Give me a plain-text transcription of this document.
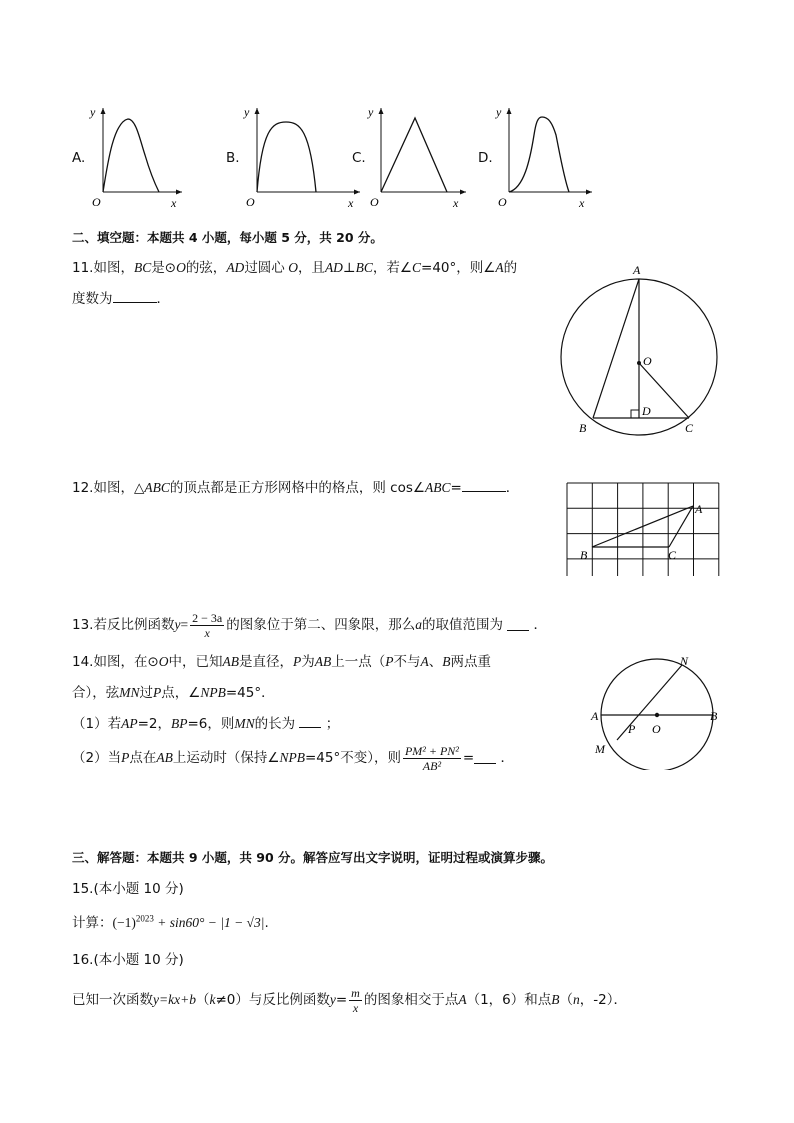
y
O	x
A.
y
O	x
B.
y
O	x
C.
y
O	x
D.
二、填空题：本题共 4 小题，每小题 5 分，共 20 分。
11.如图，BC是⊙O的弦，AD过圆心 O，且AD⊥BC，若∠C=40°，则∠A的
度数为	．
A
O
D
B	C
12.如图，△ABC的顶点都是正方形网格中的格点，则 cos∠ABC=	．
A
B	C
13. 若反比例函数 $y = \frac{2 - 3a}{x}$ 的图象位于第二、四象限，那么 a 的取值范围为

．
14.如图，在⊙O中，已知AB是直径，P为AB上一点（P不与A、B两点重
合），弦MN过P点，∠NPB=45°．
（1）若AP=2，BP=6，则MN的长为 ；
（2）当 P 点在 AB 上运动时（保持∠ NPB =45°不变），则 $\frac{\text{PM² + PN²}}{\text{AB²}}$ =
．
N
A	B
P O
M
三、解答题：本题共 9 小题，共 90 分。解答应写出文字说明，证明过程或演算步骤。
15.(本小题 10 分)
计算：$(-1)^{2023} + \sin 60^\circ - |1 - √3|$.
16.(本小题 10 分)
已知一次函数 y=kx+b （ k ≠0）与反比例函数 $y = \frac{m}{x}$ 的图象相交于点 A （1，6）和点 B （ n ，-2）．
